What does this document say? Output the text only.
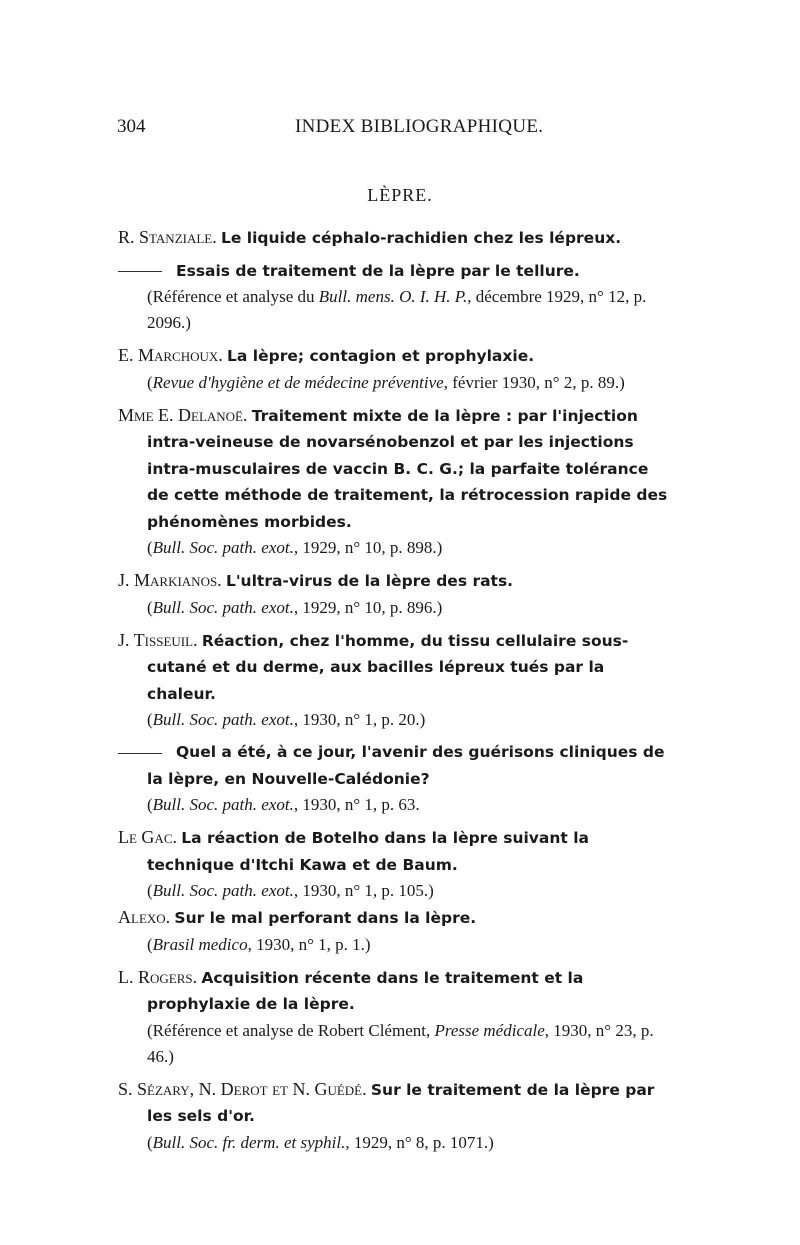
304	INDEX BIBLIOGRAPHIQUE.
LÈPRE.
R. Stanziale. Le liquide céphalo-rachidien chez les lépreux.
Essais de traitement de la lèpre par le tellure.
(Référence et analyse du Bull. mens. O. I. H. P., décembre 1929, n° 12, p. 2096.)
E. Marchoux. La lèpre; contagion et prophylaxie.
(Revue d'hygiène et de médecine préventive, février 1930, n° 2, p. 89.)
Mme E. Delanoë. Traitement mixte de la lèpre : par l'injection intra-veineuse de novarsénobenzol et par les injections intra-musculaires de vaccin B. C. G.; la parfaite tolérance de cette méthode de traitement, la rétrocession rapide des phénomènes morbides.
(Bull. Soc. path. exot., 1929, n° 10, p. 898.)
J. Markianos. L'ultra-virus de la lèpre des rats.
(Bull. Soc. path. exot., 1929, n° 10, p. 896.)
J. Tisseuil. Réaction, chez l'homme, du tissu cellulaire sous-cutané et du derme, aux bacilles lépreux tués par la chaleur.
(Bull. Soc. path. exot., 1930, n° 1, p. 20.)
Quel a été, à ce jour, l'avenir des guérisons cliniques de la lèpre, en Nouvelle-Calédonie?
(Bull. Soc. path. exot., 1930, n° 1, p. 63.
Le Gac. La réaction de Botelho dans la lèpre suivant la technique d'Itchi Kawa et de Baum.
(Bull. Soc. path. exot., 1930, n° 1, p. 105.)
Alexo. Sur le mal perforant dans la lèpre.
(Brasil medico, 1930, n° 1, p. 1.)
L. Rogers. Acquisition récente dans le traitement et la prophylaxie de la lèpre.
(Référence et analyse de Robert Clément, Presse médicale, 1930, n° 23, p. 46.)
S. Sézary, N. Derot et N. Guédé. Sur le traitement de la lèpre par les sels d'or.
(Bull. Soc. fr. derm. et syphil., 1929, n° 8, p. 1071.)
